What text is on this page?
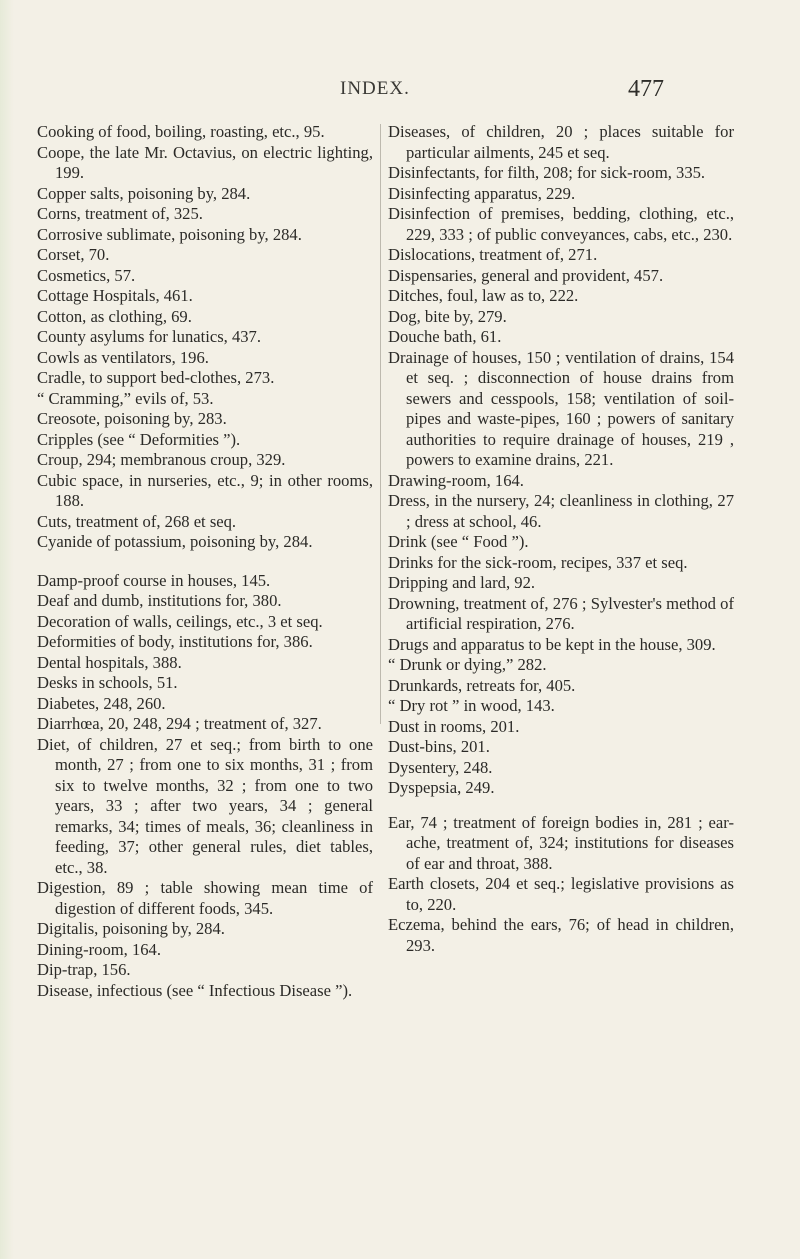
INDEX.	477

Cooking of food, boiling, roasting, etc., 95.

Coope, the late Mr. Octavius, on electric lighting, 199.

Copper salts, poisoning by, 284.

Corns, treatment of, 325.

Corrosive sublimate, poisoning by, 284.

Corset, 70.

Cosmetics, 57.

Cottage Hospitals, 461.

Cotton, as clothing, 69.

County asylums for lunatics, 437.

Cowls as ventilators, 196.

Cradle, to support bed-clothes, 273.

“ Cramming,” evils of, 53.

Creosote, poisoning by, 283.

Cripples (see “ Deformities ”).

Croup, 294; membranous croup, 329.

Cubic space, in nurseries, etc., 9; in other rooms, 188.

Cuts, treatment of, 268 et seq.

Cyanide of potassium, poisoning by, 284.

Damp-proof course in houses, 145.

Deaf and dumb, institutions for, 380.

Decoration of walls, ceilings, etc., 3 et seq.

Deformities of body, institutions for, 386.

Dental hospitals, 388.

Desks in schools, 51.

Diabetes, 248, 260.

Diarrhœa, 20, 248, 294 ; treatment of, 327.

Diet, of children, 27 et seq.; from birth to one month, 27 ; from one to six months, 31 ; from six to twelve months, 32 ; from one to two years, 33 ; after two years, 34 ; general remarks, 34; times of meals, 36; cleanliness in feeding, 37; other general rules, diet tables, etc., 38.

Digestion, 89 ; table showing mean time of digestion of different foods, 345.

Digitalis, poisoning by, 284.

Dining-room, 164.

Dip-trap, 156.

Disease, infectious (see “ Infectious Disease ”).

Diseases, of children, 20 ; places suitable for particular ailments, 245 et seq.

Disinfectants, for filth, 208; for sick-room, 335.

Disinfecting apparatus, 229.

Disinfection of premises, bedding, clothing, etc., 229, 333 ; of public conveyances, cabs, etc., 230.

Dislocations, treatment of, 271.

Dispensaries, general and provident, 457.

Ditches, foul, law as to, 222.

Dog, bite by, 279.

Douche bath, 61.

Drainage of houses, 150 ; ventilation of drains, 154 et seq. ; disconnection of house drains from sewers and cesspools, 158; ventilation of soil-pipes and waste-pipes, 160 ; powers of sanitary authorities to require drainage of houses, 219 , powers to examine drains, 221.

Drawing-room, 164.

Dress, in the nursery, 24; cleanliness in clothing, 27 ; dress at school, 46.

Drink (see “ Food ”).

Drinks for the sick-room, recipes, 337 et seq.

Dripping and lard, 92.

Drowning, treatment of, 276 ; Sylvester's method of artificial respiration, 276.

Drugs and apparatus to be kept in the house, 309.

“ Drunk or dying,” 282.

Drunkards, retreats for, 405.

“ Dry rot ” in wood, 143.

Dust in rooms, 201.

Dust-bins, 201.

Dysentery, 248.

Dyspepsia, 249.

Ear, 74 ; treatment of foreign bodies in, 281 ; ear-ache, treatment of, 324; institutions for diseases of ear and throat, 388.

Earth closets, 204 et seq.; legislative provisions as to, 220.

Eczema, behind the ears, 76; of head in children, 293.
